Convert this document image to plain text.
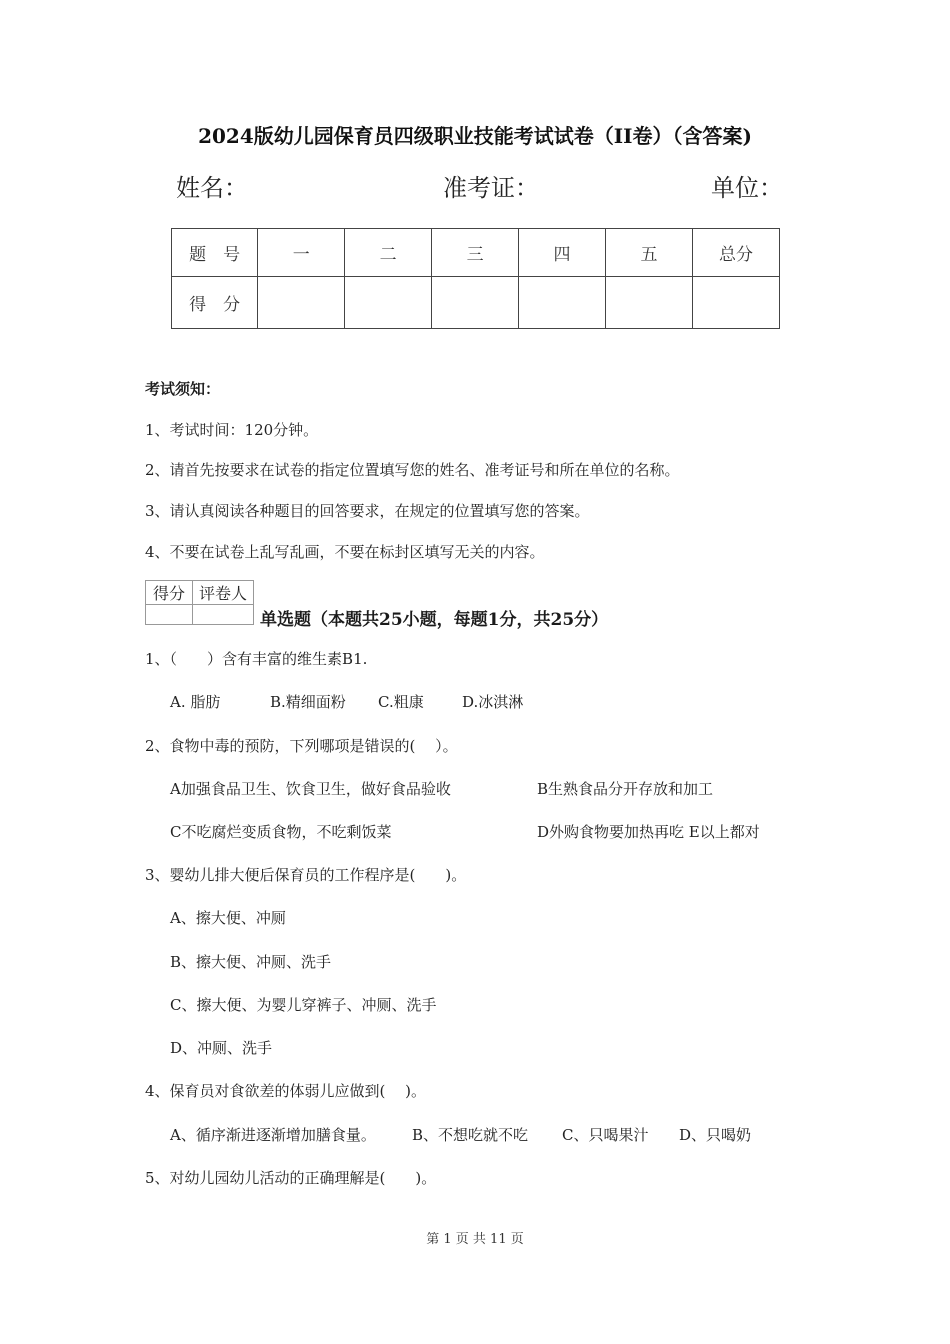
2024版幼儿园保育员四级职业技能考试试卷（II卷）（含答案)
姓名：	准考证：	单位：
题　号	一	二	三	四	五	总分
得　分						
考试须知：
1、考试时间：120分钟。
2、请首先按要求在试卷的指定位置填写您的姓名、准考证号和所在单位的名称。
3、请认真阅读各种题目的回答要求，在规定的位置填写您的答案。
4、不要在试卷上乱写乱画，不要在标封区填写无关的内容。
得分	评卷人

单选题（本题共25小题，每题1分，共25分）
1、（　　）含有丰富的维生素B1.
A. 脂肪	B.精细面粉 C.粗康	D.冰淇淋
2、食物中毒的预防，下列哪项是错误的(　 ）。
A加强食品卫生、饮食卫生，做好食品验收	B生熟食品分开存放和加工
C不吃腐烂变质食物，不吃剩饭菜	D外购食物要加热再吃 E以上都对
3、婴幼儿排大便后保育员的工作程序是(　　)。
A、擦大便、冲厕
B、擦大便、冲厕、洗手
C、擦大便、为婴儿穿裤子、冲厕、洗手
D、冲厕、洗手
4、保育员对食欲差的体弱儿应做到(　 )。
A、循序渐进逐渐增加膳食量。 B、不想吃就不吃 C、只喝果汁 D、只喝奶
5、对幼儿园幼儿活动的正确理解是(　　)。
第 1 页 共 11 页
